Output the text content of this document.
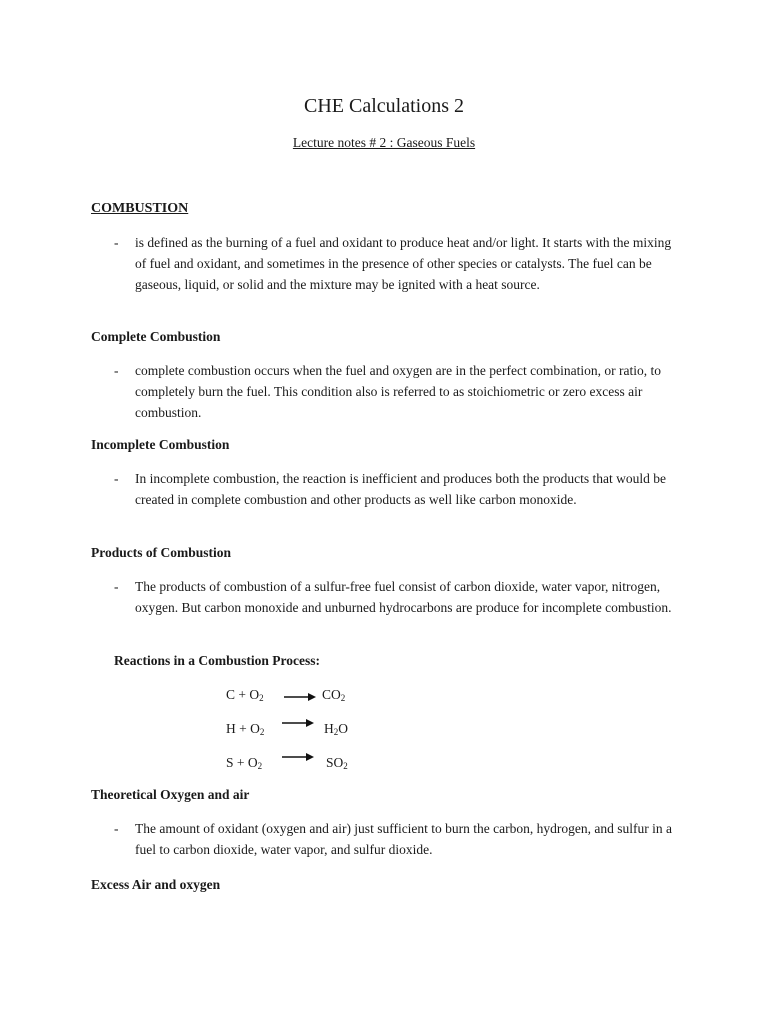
CHE Calculations 2
Lecture notes # 2 : Gaseous Fuels
COMBUSTION
- is defined as the burning of a fuel and oxidant to produce heat and/or light. It starts with the mixing of fuel and oxidant, and sometimes in the presence of other species or catalysts. The fuel can be gaseous, liquid, or solid and the mixture may be ignited with a heat source.
Complete Combustion
- complete combustion occurs when the fuel and oxygen are in the perfect combination, or ratio, to completely burn the fuel. This condition also is referred to as stoichiometric or zero excess air combustion.
Incomplete Combustion
- In incomplete combustion, the reaction is inefficient and produces both the products that would be created in complete combustion and other products as well like carbon monoxide.
Products of Combustion
- The products of combustion of a sulfur-free fuel consist of carbon dioxide, water vapor, nitrogen, oxygen. But carbon monoxide and unburned hydrocarbons are produce for incomplete combustion.
Reactions in a Combustion Process:
$C + O_2 \to CO_2$
$H + O_2 \to H_2O$
$S + O_2 \to SO_2$
Theoretical Oxygen and air
- The amount of oxidant (oxygen and air) just sufficient to burn the carbon, hydrogen, and sulfur in a fuel to carbon dioxide, water vapor, and sulfur dioxide.
Excess Air and oxygen
